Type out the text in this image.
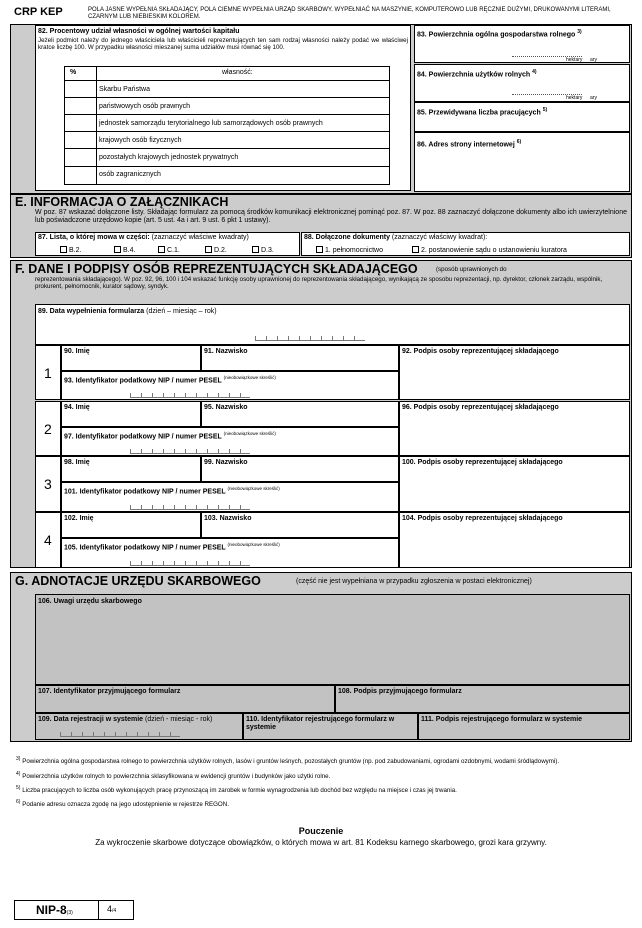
CRP KEP	POLA JASNE WYPEŁNIA SKŁADAJĄCY, POLA CIEMNE WYPEŁNIA URZĄD SKARBOWY. WYPEŁNIAĆ NA MASZYNIE, KOMPUTEROWO LUB RĘCZNIE DUŻYMI, DRUKOWANYMI LITERAMI, CZARNYM LUB NIEBIESKIM KOLOREM.
82. Procentowy udział własności w ogólnej wartości kapitału
Jeżeli podmiot należy do jednego właściciela lub właścicieli reprezentujących ten sam rodzaj własności należy podać we właściwej kratce liczbę 100. W przypadku własności mieszanej suma udziałów musi równać się 100.
%	własność:
Skarbu Państwa
państwowych osób prawnych
jednostek samorządu terytorialnego lub samorządowych osób prawnych
krajowych osób fizycznych
pozostałych krajowych jednostek prywatnych
osób zagranicznych
83. Powierzchnia ogólna gospodarstwa rolnego $^{3)}$
hektary ary
84. Powierzchnia użytków rolnych $^{4)}$
hektary ary
85. Przewidywana liczba pracujących $^{5)}$
86. Adres strony internetowej $^{6)}$
E. INFORMACJA O ZAŁĄCZNIKACH
W poz. 87 wskazać dołączone listy. Składając formularz za pomocą środków komunikacji elektronicznej pominąć poz. 87. W poz. 88 zaznaczyć dołączone dokumenty albo ich uwierzytelnione lub poświadczone urzędowo kopie (art. 5 ust. 4a i art. 9 ust. 6 pkt 1 ustawy).
87. Lista, o której mowa w części: (zaznaczyć właściwe kwadraty)
B.2.	B.4.	C.1.	D.2.	D.3.
88. Dołączone dokumenty (zaznaczyć właściwy kwadrat):
1. pełnomocnictwo	2. postanowienie sądu o ustanowieniu kuratora
F. DANE I PODPISY OSÓB REPREZENTUJĄCYCH SKŁADAJĄCEGO	(sposób uprawnionych do
reprezentowania składającego). W poz. 92, 96, 100 i 104 wskazać funkcję osoby uprawnionej do reprezentowania składającego, wynikającą ze sposobu reprezentacji, np. dyrektor, członek zarządu, wspólnik, prokurent, pełnomocnik, kurator sądowy, syndyk.
89. Data wypełnienia formularza (dzień – miesiąc – rok)
1
90. Imię	91. Nazwisko
93. Identyfikator podatkowy NIP / numer PESEL $^{(nieobowiązkowe skreślić)}$
92. Podpis osoby reprezentującej składającego
2
94. Imię	95. Nazwisko
97. Identyfikator podatkowy NIP / numer PESEL $^{(nieobowiązkowe skreślić)}$
96. Podpis osoby reprezentującej składającego
3
98. Imię	99. Nazwisko
101. Identyfikator podatkowy NIP / numer PESEL $^{(nieobowiązkowe skreślić)}$
100. Podpis osoby reprezentującej składającego
4
102. Imię	103. Nazwisko
105. Identyfikator podatkowy NIP / numer PESEL $^{(nieobowiązkowe skreślić)}$
104. Podpis osoby reprezentującej składającego
G. ADNOTACJE URZĘDU SKARBOWEGO	(część nie jest wypełniana w przypadku zgłoszenia w postaci elektronicznej)
106. Uwagi urzędu skarbowego
107. Identyfikator przyjmującego formularz	108. Podpis przyjmującego formularz
109. Data rejestracji w systemie (dzień - miesiąc - rok)	110. Identyfikator rejestrującego formularz w systemie
111. Podpis rejestrującego formularz w systemie
$^{3)}$ Powierzchnia ogólna gospodarstwa rolnego to powierzchnia użytków rolnych, lasów i gruntów leśnych, pozostałych gruntów (np. pod zabudowaniami, ogrodami ozdobnymi, wodami śródlądowymi).
$^{4)}$ Powierzchnia użytków rolnych to powierzchnia sklasyfikowana w ewidencji gruntów i budynków jako użytki rolne.
$^{5)}$ Liczba pracujących to liczba osób wykonujących pracę przynoszącą im zarobek w formie wynagrodzenia lub dochód bez względu na miejsce i czas jej trwania.
$^{6)}$ Podanie adresu oznacza zgodę na jego udostępnienie w rejestrze REGON.
Pouczenie
Za wykroczenie skarbowe dotyczące obowiązków, o których mowa w art. 81 Kodeksu karnego skarbowego, grozi kara grzywny.
NIP-8(3)	4/4
